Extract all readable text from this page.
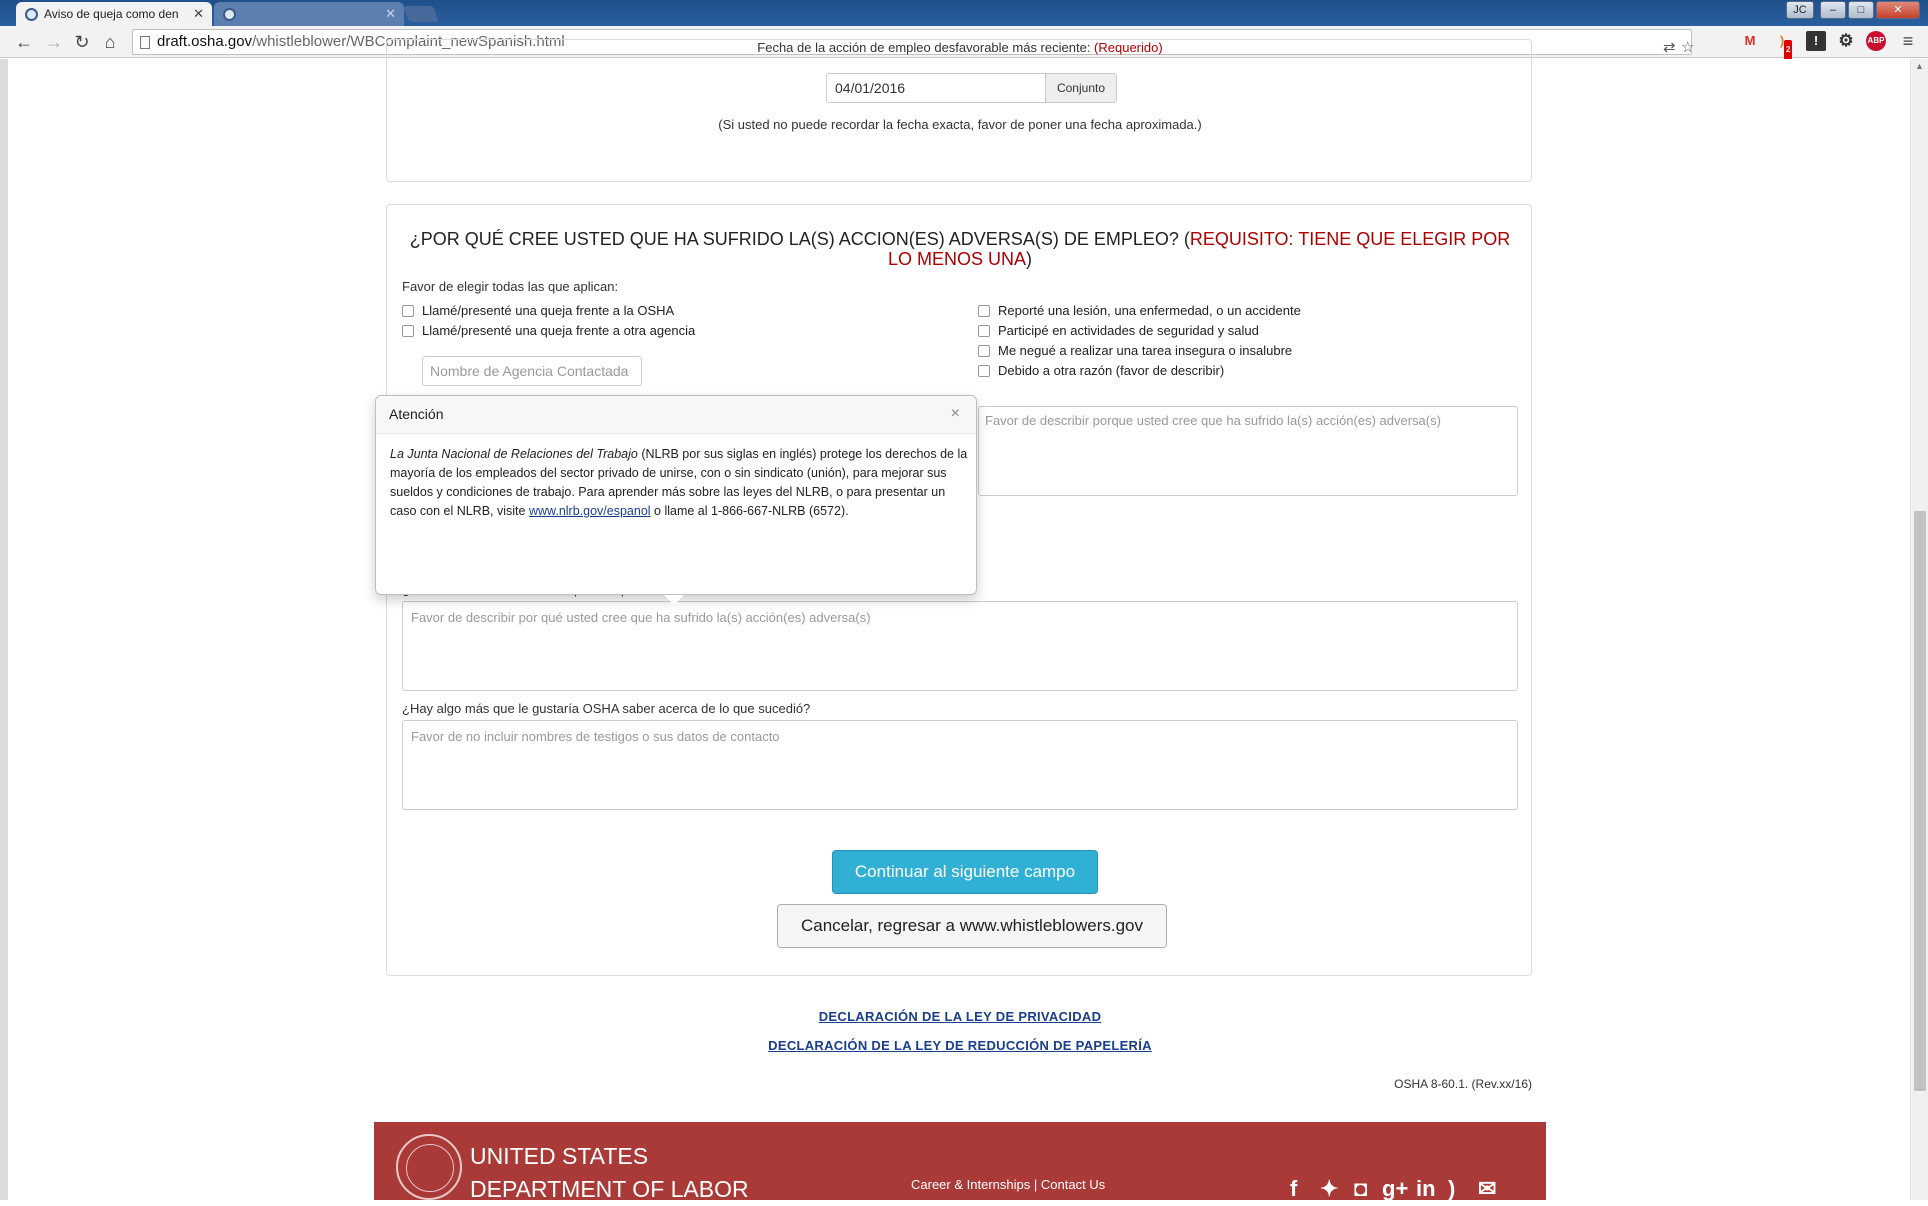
Aviso de queja como den ✕	✕	JC	‒	□	✕
← → ↻ ⌂	draft.osha.gov/whistleblower/WBComplaint_newSpanish.html	⇄ ☆	M	)
2
!	⚙ ABP ≡
Fecha de la acción de empleo desfavorable más reciente: (Requerido)
04/01/2016	Conjunto
(Si usted no puede recordar la fecha exacta, favor de poner una fecha aproximada.)
¿POR QUÉ CREE USTED QUE HA SUFRIDO LA(S) ACCION(ES) ADVERSA(S) DE EMPLEO? (REQUISITO: TIENE QUE ELEGIR POR LO MENOS UNA)
Favor de elegir todas las que aplican:
Llamé/presenté una queja frente a la OSHA
Llamé/presenté una queja frente a otra agencia
Nombre de Agencia Contactada
Reporté una lesión, una enfermedad, o un accidente
Participé en actividades de seguridad y salud
Me negué a realizar una tarea insegura o insalubre
Debido a otra razón (favor de describir)
Favor de describir porque usted cree que ha sufrido la(s) acción(es) adversa(s)
Favor de describir por qué usted cree que ha sufrido la(s) acción(es) adversa(s)
¿Hay algo más que le gustaría OSHA saber acerca de lo que sucedió?
Favor de no incluir nombres de testigos o sus datos de contacto
Continuar al siguiente campo
Cancelar, regresar a www.whistleblowers.gov
DECLARACIÓN DE LA LEY DE PRIVACIDAD
DECLARACIÓN DE LA LEY DE REDUCCIÓN DE PAPELERÍA
OSHA 8-60.1. (Rev.xx/16)
UNITED STATES
DEPARTMENT OF LABOR	Career & Internships | Contact Us	f ✦ ◘ g+ in ) ✉
Atención	×
La Junta Nacional de Relaciones del Trabajo (NLRB por sus siglas en inglés) protege los derechos de la mayoría de los empleados del sector privado de unirse, con o sin sindicato (unión), para mejorar sus sueldos y condiciones de trabajo. Para aprender más sobre las leyes del NLRB, o para presentar un caso con el NLRB, visite www.nlrb.gov/espanol o llame al 1-866-667-NLRB (6572).
▲
